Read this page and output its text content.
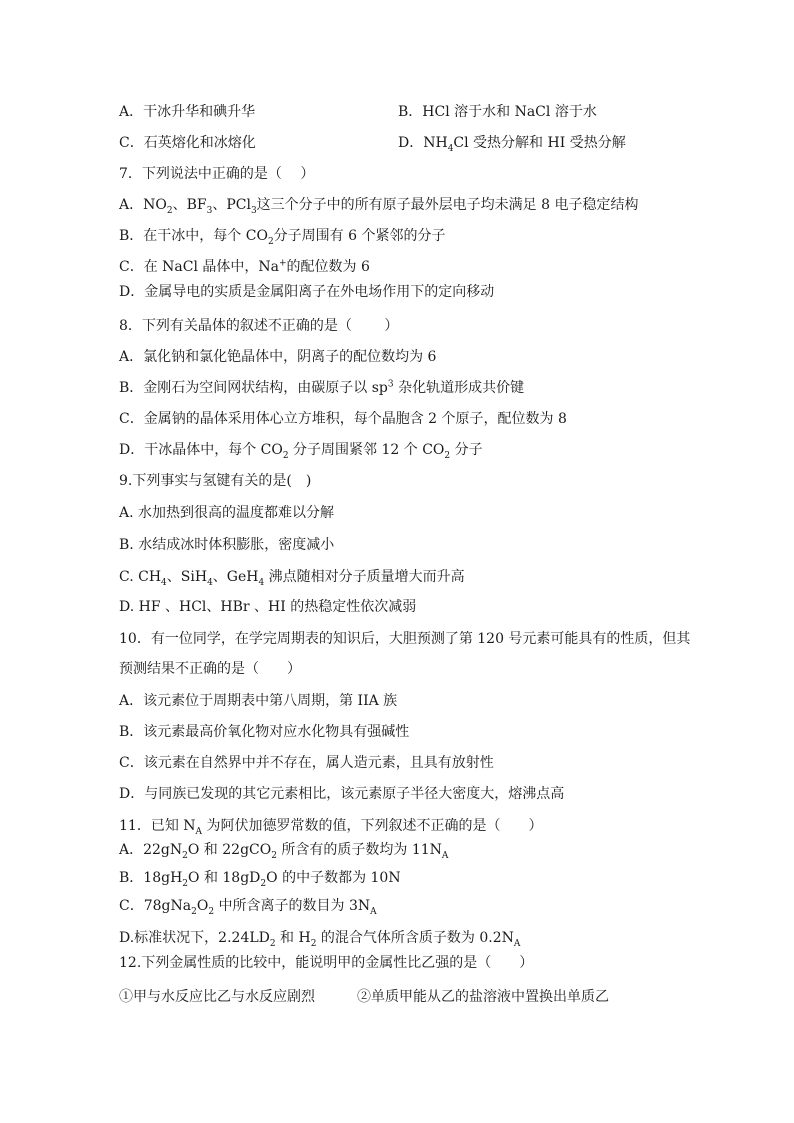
A．干冰升华和碘升华	B．HCl 溶于水和 NaCl 溶于水
C．石英熔化和冰熔化	D．$NH_4Cl$ 受热分解和 HI 受热分解
7．下列说法中正确的是（　 ）
A．$NO_2$、$BF_3$、PCl$_3$这三个分子中的所有原子最外层电子均未满足 8 电子稳定结构
B．在干冰中，每个 $CO_2$分子周围有 6 个紧邻的分子
C．在 NaCl 晶体中，Na+的配位数为 6
D．金属导电的实质是金属阳离子在外电场作用下的定向移动
8．下列有关晶体的叙述不正确的是（　　 ）
A．氯化钠和氯化铯晶体中，阴离子的配位数均为 6
B．金刚石为空间网状结构，由碳原子以 $sp^3$ 杂化轨道形成共价键
C．金属钠的晶体采用体心立方堆积，每个晶胞含 2 个原子，配位数为 8
D．干冰晶体中，每个 $CO_2$ 分子周围紧邻 12 个 $CO_2$ 分子
9.下列事实与氢键有关的是(　)
A. 水加热到很高的温度都难以分解
B. 水结成冰时体积膨胀，密度减小
C. $CH_4$、SiH$_4$、GeH$_4$ 沸点随相对分子质量增大而升高
D. HF 、HCl、HBr 、HI 的热稳定性依次减弱
10．有一位同学，在学完周期表的知识后，大胆预测了第 120 号元素可能具有的性质，但其
预测结果不正确的是（　　）
A．该元素位于周期表中第八周期，第 IIA 族
B．该元素最高价氧化物对应水化物具有强碱性
C．该元素在自然界中并不存在，属人造元素，且具有放射性
D．与同族已发现的其它元素相比，该元素原子半径大密度大，熔沸点高
11．已知 $N_A$ 为阿伏加德罗常数的值，下列叙述不正确的是（　　）
A．$22gN_2O$ 和 22gCO$_2$ 所含有的质子数均为 $11N_A$
B．$18gH_2O$ 和 $18gD_2O$ 的中子数都为 10N
C．$78gNa_2O_2$ 中所含离子的数目为 $3N_A$
D.标准状况下，$2.24LD_2$ 和 $H_2$ 的混合气体所含质子数为 $0.2N_A$
12.下列金属性质的比较中，能说明甲的金属性比乙强的是（　　）
①甲与水反应比乙与水反应剧烈	②单质甲能从乙的盐溶液中置换出单质乙
